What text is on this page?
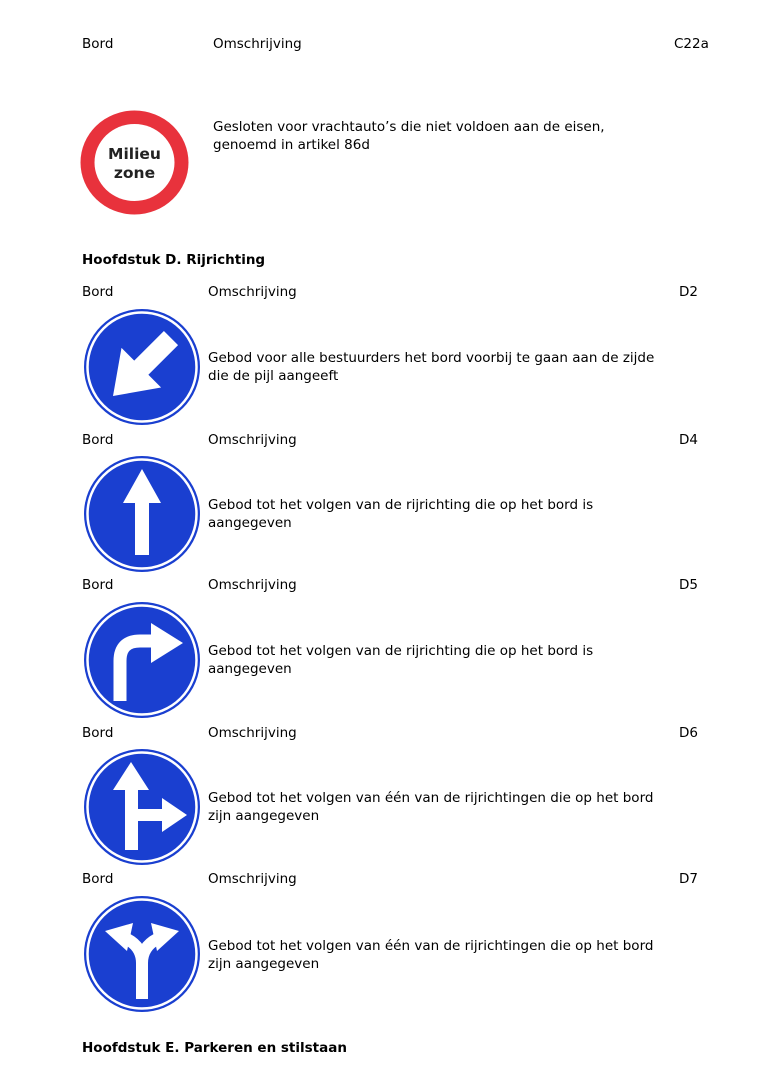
Bord	Omschrijving	C22a
Milieu
zone
Gesloten voor vrachtauto’s die niet voldoen aan de eisen,
genoemd in artikel 86d
Hoofdstuk D. Rijrichting
Bord	Omschrijving	D2
Gebod voor alle bestuurders het bord voorbij te gaan aan de zijde
die de pijl aangeeft
Bord	Omschrijving	D4
Gebod tot het volgen van de rijrichting die op het bord is
aangegeven
Bord	Omschrijving	D5
Gebod tot het volgen van de rijrichting die op het bord is
aangegeven
Bord	Omschrijving	D6
Gebod tot het volgen van één van de rijrichtingen die op het bord
zijn aangegeven
Bord	Omschrijving	D7
Gebod tot het volgen van één van de rijrichtingen die op het bord
zijn aangegeven
Hoofdstuk E. Parkeren en stilstaan
